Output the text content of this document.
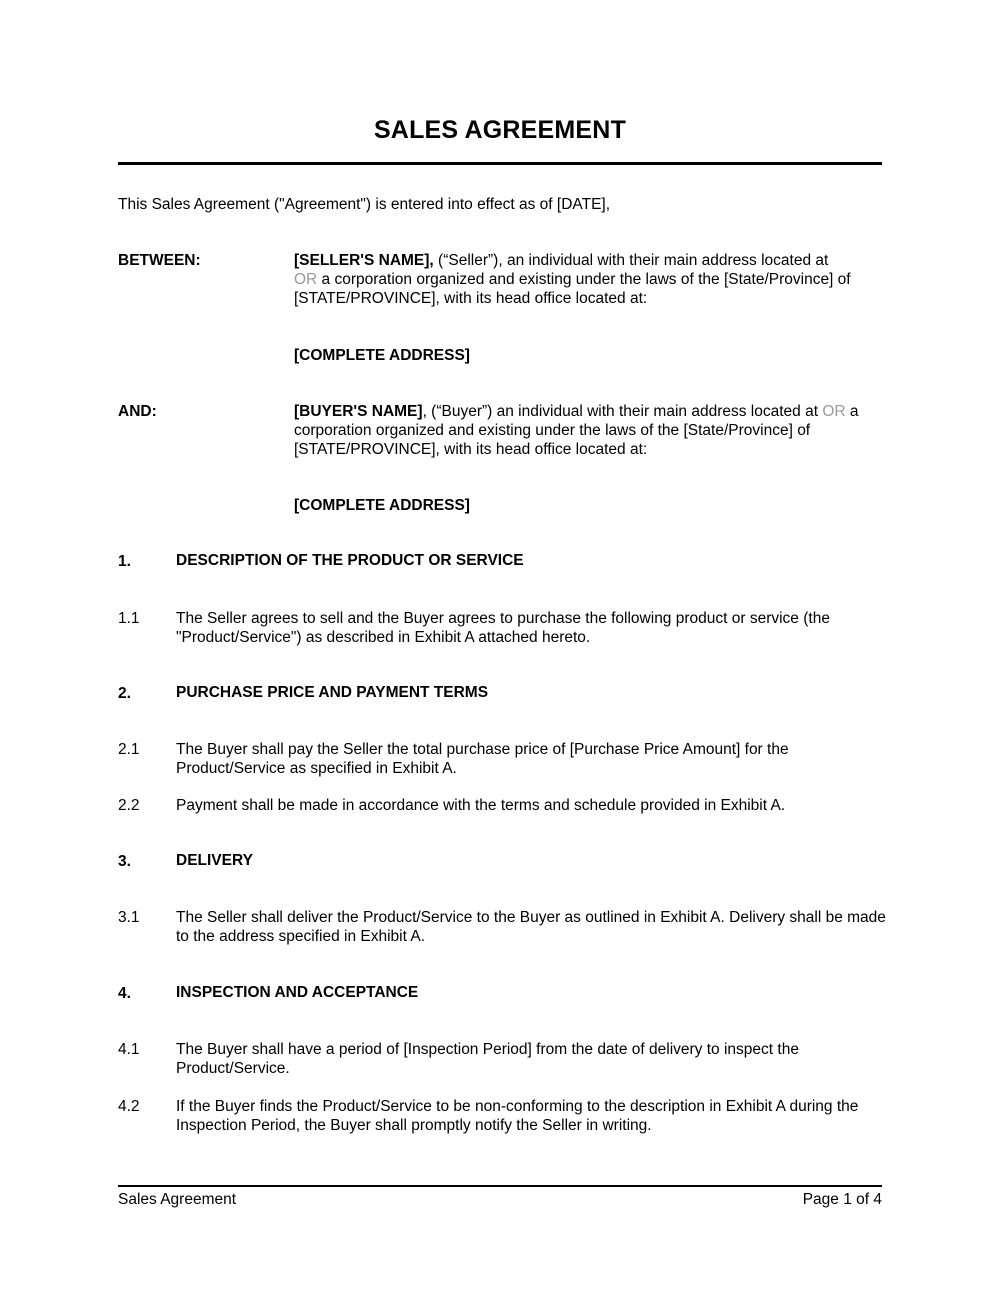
SALES AGREEMENT
This Sales Agreement ("Agreement") is entered into effect as of [DATE],
BETWEEN:	[SELLER'S NAME], (“Seller”), an individual with their main address located at
OR a corporation organized and existing under the laws of the [State/Province] of [STATE/PROVINCE], with its head office located at:
[COMPLETE ADDRESS]
AND:	[BUYER'S NAME], (“Buyer”) an individual with their main address located at OR a corporation organized and existing under the laws of the [State/Province] of [STATE/PROVINCE], with its head office located at:
[COMPLETE ADDRESS]
1.	DESCRIPTION OF THE PRODUCT OR SERVICE
1.1 The Seller agrees to sell and the Buyer agrees to purchase the following product or service (the "Product/Service") as described in Exhibit A attached hereto.
2.	PURCHASE PRICE AND PAYMENT TERMS
2.1 The Buyer shall pay the Seller the total purchase price of [Purchase Price Amount] for the Product/Service as specified in Exhibit A.
2.2 Payment shall be made in accordance with the terms and schedule provided in Exhibit A.
3.	DELIVERY
3.1 The Seller shall deliver the Product/Service to the Buyer as outlined in Exhibit A. Delivery shall be made to the address specified in Exhibit A.
4.	INSPECTION AND ACCEPTANCE
4.1 The Buyer shall have a period of [Inspection Period] from the date of delivery to inspect the Product/Service.
4.2 If the Buyer finds the Product/Service to be non-conforming to the description in Exhibit A during the Inspection Period, the Buyer shall promptly notify the Seller in writing.
Sales Agreement	Page 1 of 4
